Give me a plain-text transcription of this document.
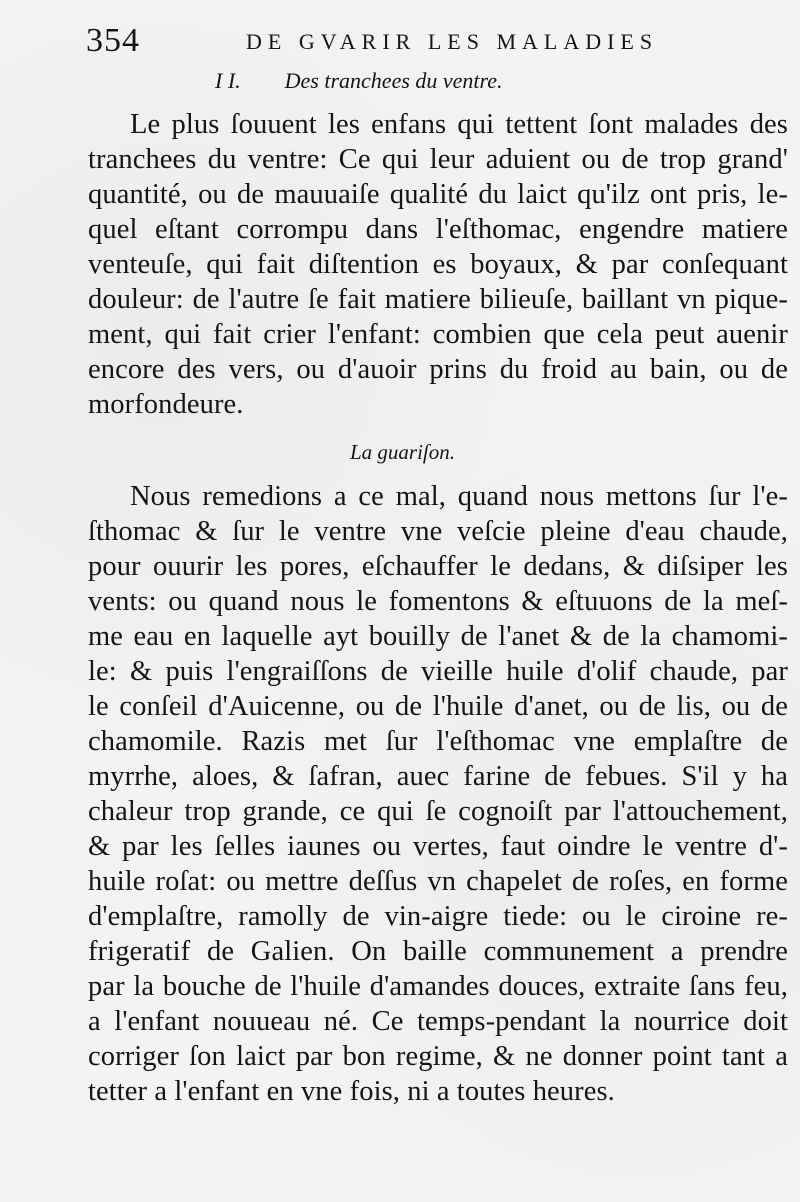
354	DE GVARIR LES MALADIES
I I. Des tranchees du ventre.
Le plus ſouuent les enfans qui tettent ſont malades des
tranchees du ventre: Ce qui leur aduient ou de trop grand'
quantité, ou de mauuaiſe qualité du laict qu'ilz ont pris, le-
quel eſtant corrompu dans l'eſthomac, engendre matiere
venteuſe, qui fait diſtention es boyaux, & par conſequant
douleur: de l'autre ſe fait matiere bilieuſe, baillant vn pique-
ment, qui fait crier l'enfant: combien que cela peut auenir
encore des vers, ou d'auoir prins du froid au bain, ou de
morfondeure.
La guariſon.
Nous remedions a ce mal, quand nous mettons ſur l'e-
ſthomac & ſur le ventre vne veſcie pleine d'eau chaude,
pour ouurir les pores, eſchauffer le dedans, & diſsiper les
vents: ou quand nous le fomentons & eſtuuons de la meſ-
me eau en laquelle ayt bouilly de l'anet & de la chamomi-
le: & puis l'engraiſſons de vieille huile d'olif chaude, par
le conſeil d'Auicenne, ou de l'huile d'anet, ou de lis, ou de
chamomile. Razis met ſur l'eſthomac vne emplaſtre de
myrrhe, aloes, & ſafran, auec farine de febues. S'il y ha
chaleur trop grande, ce qui ſe cognoiſt par l'attouchement,
& par les ſelles iaunes ou vertes, faut oindre le ventre d'-
huile roſat: ou mettre deſſus vn chapelet de roſes, en forme
d'emplaſtre, ramolly de vin-aigre tiede: ou le ciroine re-
frigeratif de Galien. On baille communement a prendre
par la bouche de l'huile d'amandes douces, extraite ſans feu,
a l'enfant nouueau né. Ce temps-pendant la nourrice doit
corriger ſon laict par bon regime, & ne donner point tant a
tetter a l'enfant en vne fois, ni a toutes heures.
